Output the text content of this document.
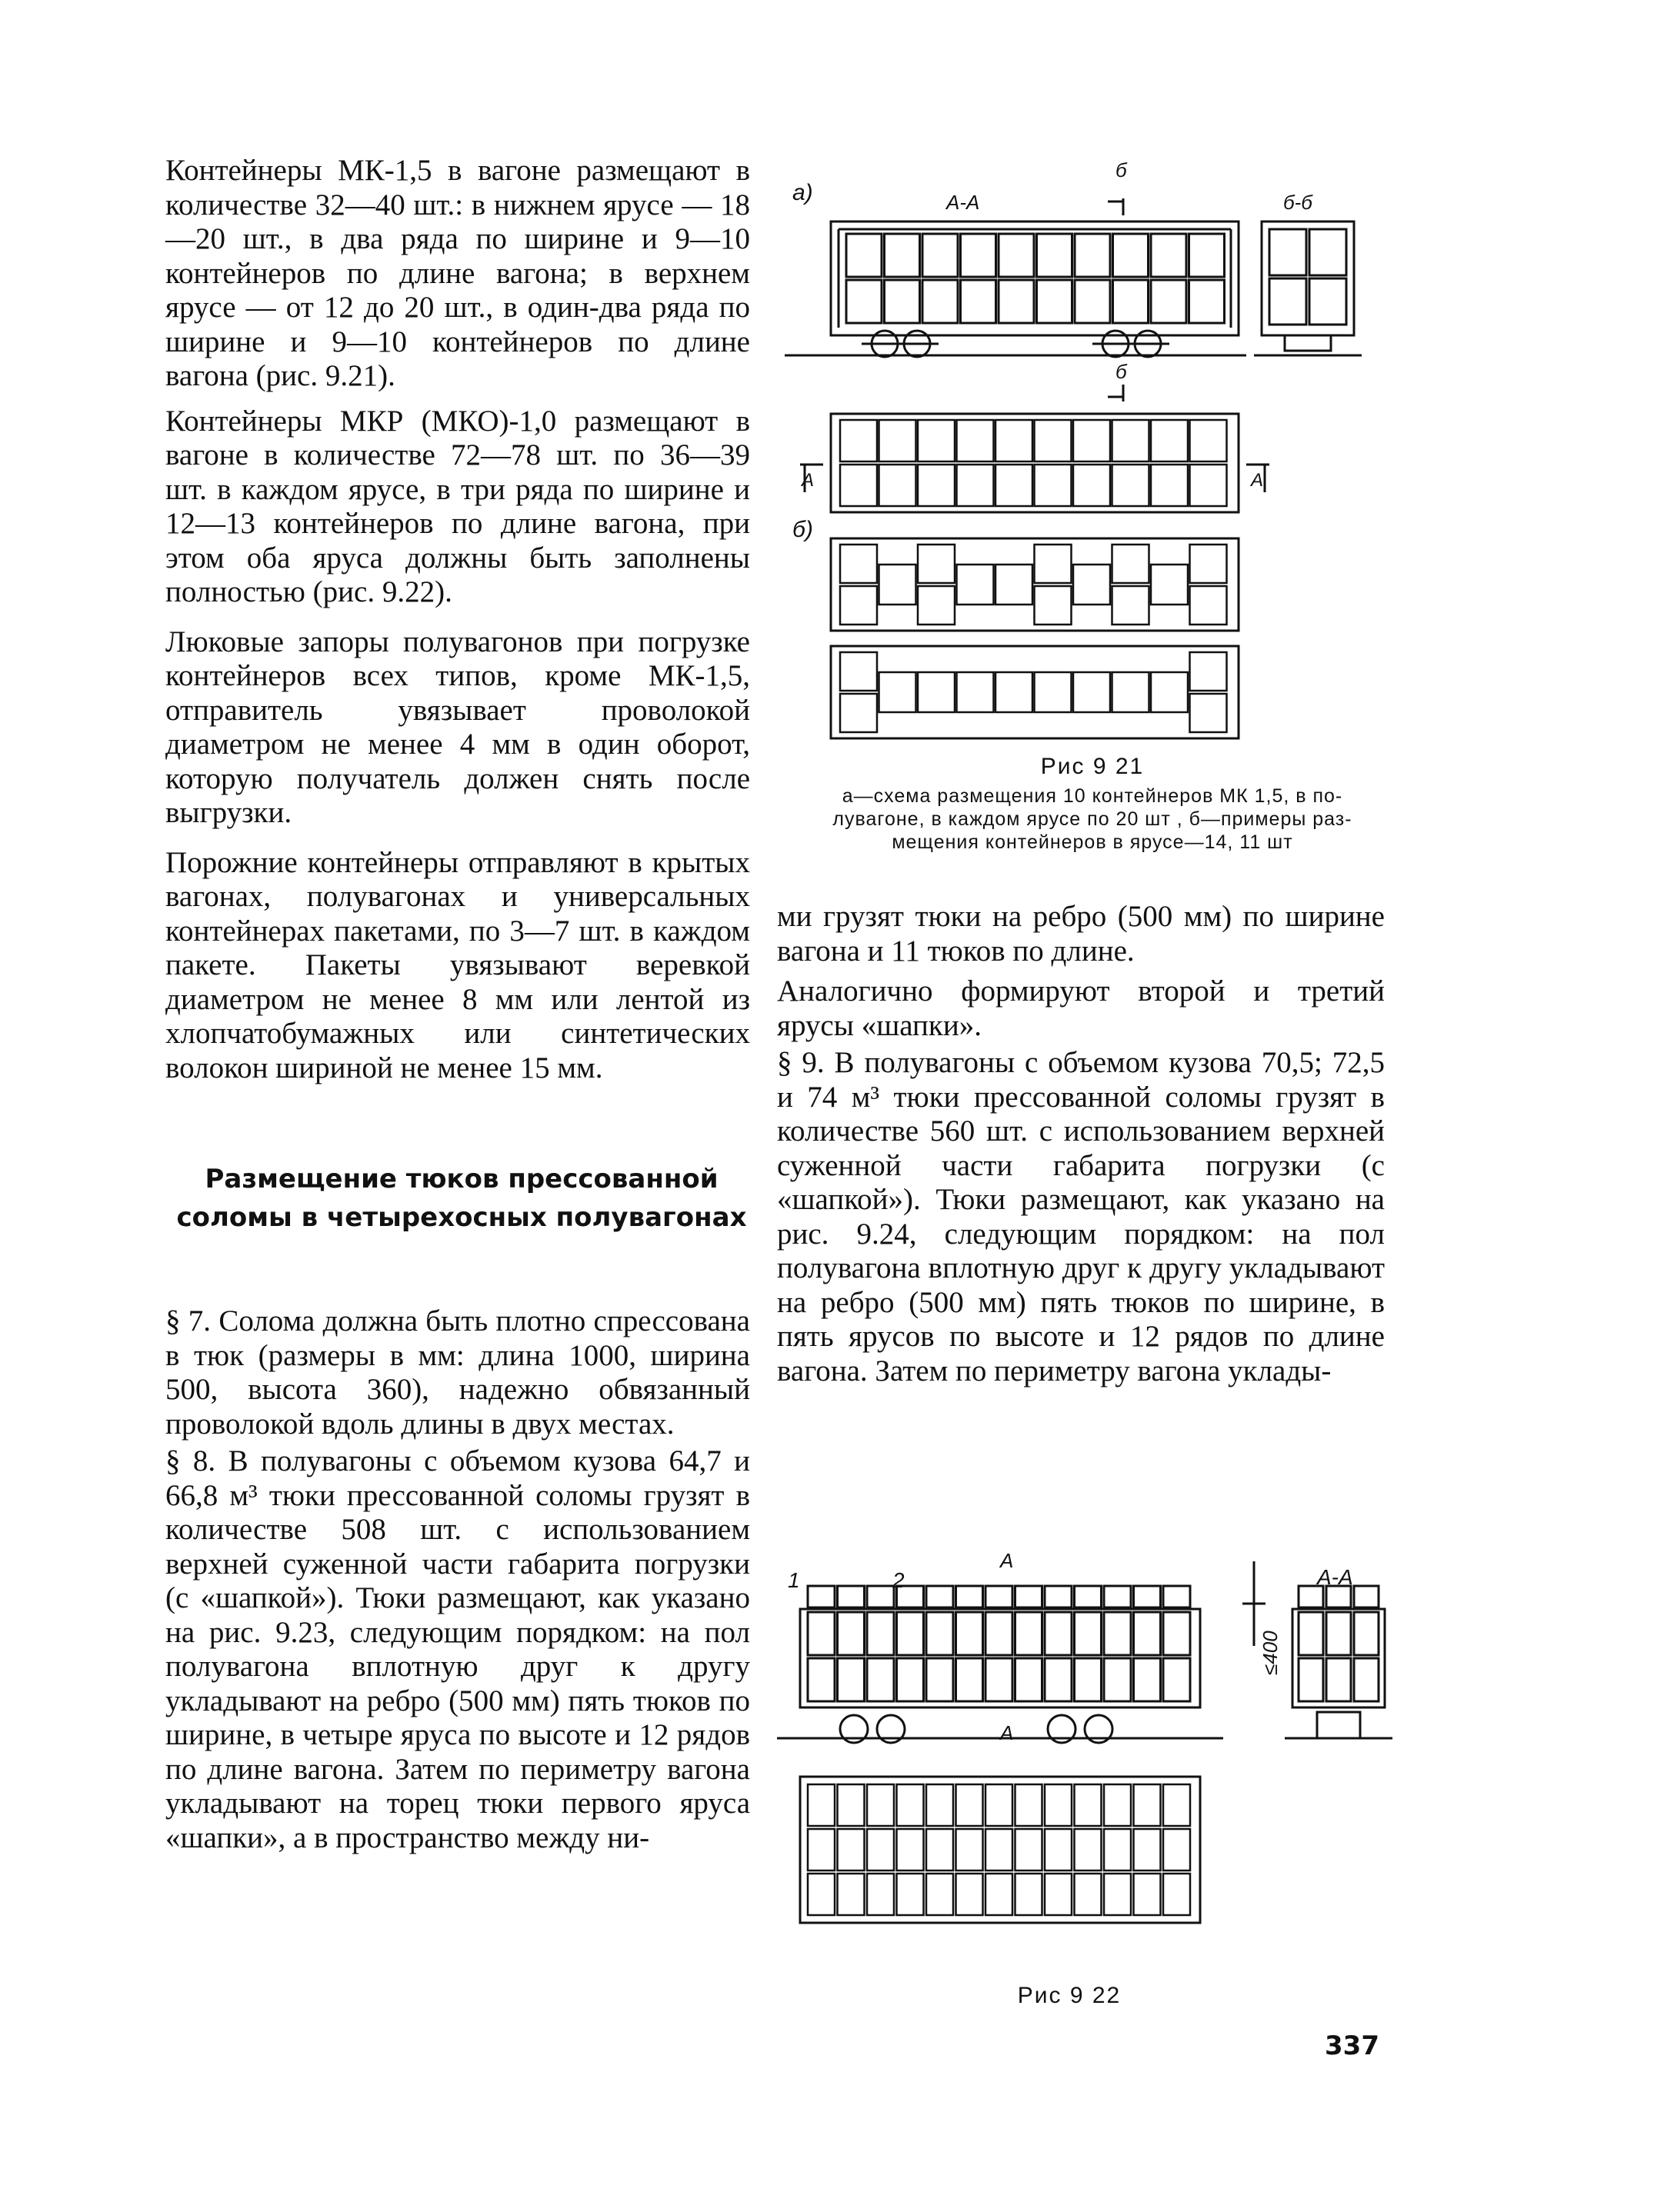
Контейнеры МК-1,5 в вагоне размещают в количестве 32—40 шт.: в нижнем ярусе — 18—20 шт., в два ряда по ширине и 9—10 контейнеров по длине вагона; в верхнем ярусе — от 12 до 20 шт., в один-два ряда по ширине и 9—10 контейнеров по длине вагона (рис. 9.21).

Контейнеры МКР (МКО)-1,0 размещают в вагоне в количестве 72—78 шт. по 36—39 шт. в каждом ярусе, в три ряда по ширине и 12—13 контейнеров по длине вагона, при этом оба яруса должны быть заполнены полностью (рис. 9.22).

Люковые запоры полувагонов при погрузке контейнеров всех типов, кроме МК-1,5, отправитель увязывает проволокой диаметром не менее 4 мм в один оборот, которую получатель должен снять после выгрузки.

Порожние контейнеры отправляют в крытых вагонах, полувагонах и универсальных контейнерах пакетами, по 3—7 шт. в каждом пакете. Пакеты увязывают веревкой диаметром не менее 8 мм или лентой из хлопчатобумажных или синтетических волокон шириной не менее 15 мм.

Размещение тюков прессованной соломы в четырехосных полувагонах

§ 7. Солома должна быть плотно спрессована в тюк (размеры в мм: длина 1000, ширина 500, высота 360), надежно обвязанный проволокой вдоль длины в двух местах.

§ 8. В полувагоны с объемом кузова 64,7 и 66,8 м³ тюки прессованной соломы грузят в количестве 508 шт. с использованием верхней суженной части габарита погрузки (с «шапкой»). Тюки размещают, как указано на рис. 9.23, следующим порядком: на пол полувагона вплотную друг к другу укладывают на ребро (500 мм) пять тюков по ширине, в четыре яруса по высоте и 12 рядов по длине вагона. Затем по периметру вагона укладывают на торец тюки первого яруса «шапки», а в пространство между ни-

ми грузят тюки на ребро (500 мм) по ширине вагона и 11 тюков по длине.

Аналогично формируют второй и третий ярусы «шапки».

§ 9. В полувагоны с объемом кузова 70,5; 72,5 и 74 м³ тюки прессованной соломы грузят в количестве 560 шт. с использованием верхней суженной части габарита погрузки (с «шапкой»). Тюки размещают, как указано на рис. 9.24, следующим порядком: на пол полувагона вплотную друг к другу укладывают на ребро (500 мм) пять тюков по ширине, в пять ярусов по высоте и 12 рядов по длине вагона. Затем по периметру вагона уклады-

а)	А-А
б
б-б
б
А	А
б)
Рис 9 21
а—схема размещения 10 контейнеров МК 1,5, в по-
лувагоне, в каждом ярусе по 20 шт , б—примеры раз-
мещения контейнеров в ярусе—14, 11 шт
1	2
А
А
А-А
≤400
Рис 9 22
337
